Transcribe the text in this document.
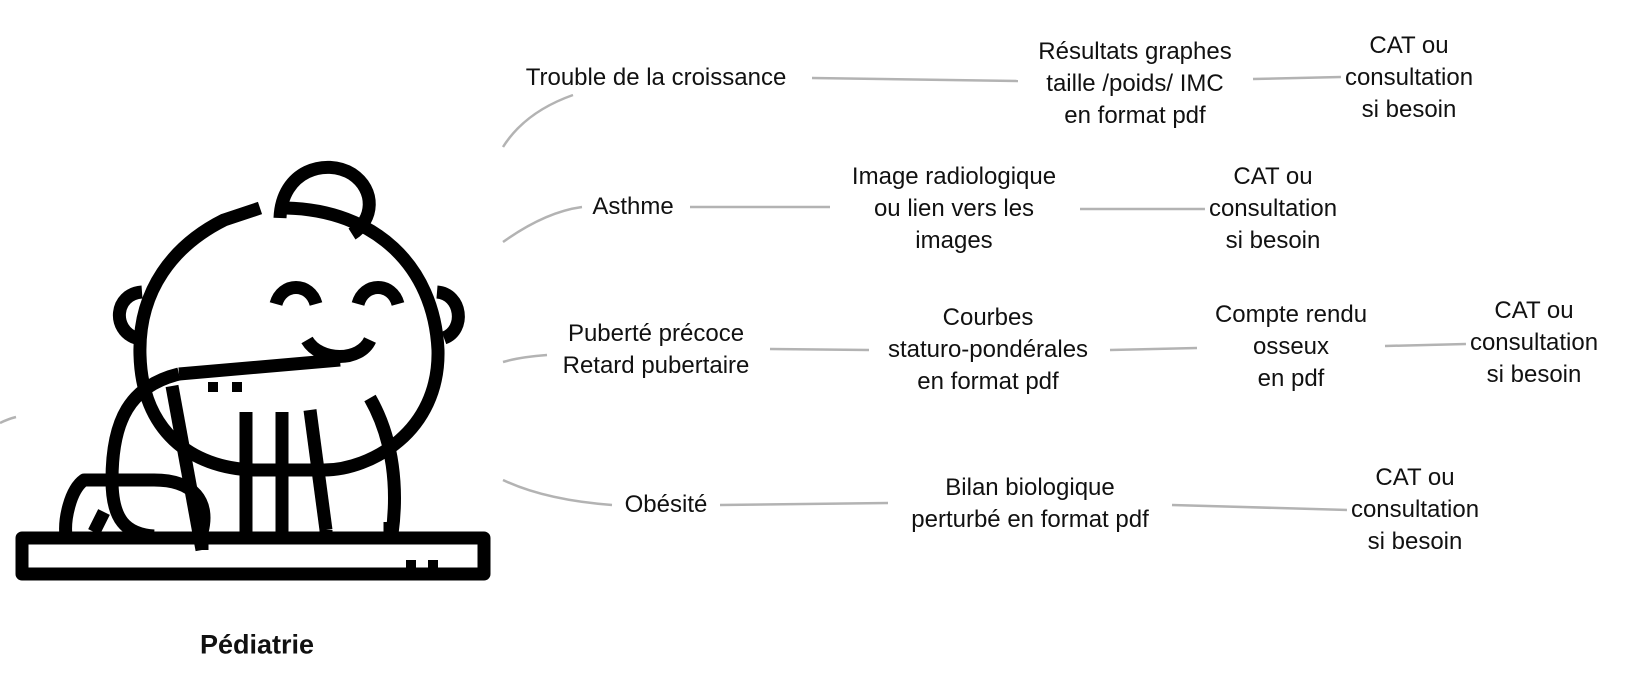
Pédiatrie
Trouble de la croissance
Résultats graphes
taille /poids/ IMC
en format pdf
CAT ou
consultation
si besoin
Asthme
Image radiologique
ou lien vers les
images
CAT ou
consultation
si besoin
Puberté précoce
Retard pubertaire
Courbes
staturo-pondérales
en format pdf
Compte rendu
osseux
en pdf
CAT ou
consultation
si besoin
Obésité
Bilan biologique
perturbé en format pdf
CAT ou
consultation
si besoin
